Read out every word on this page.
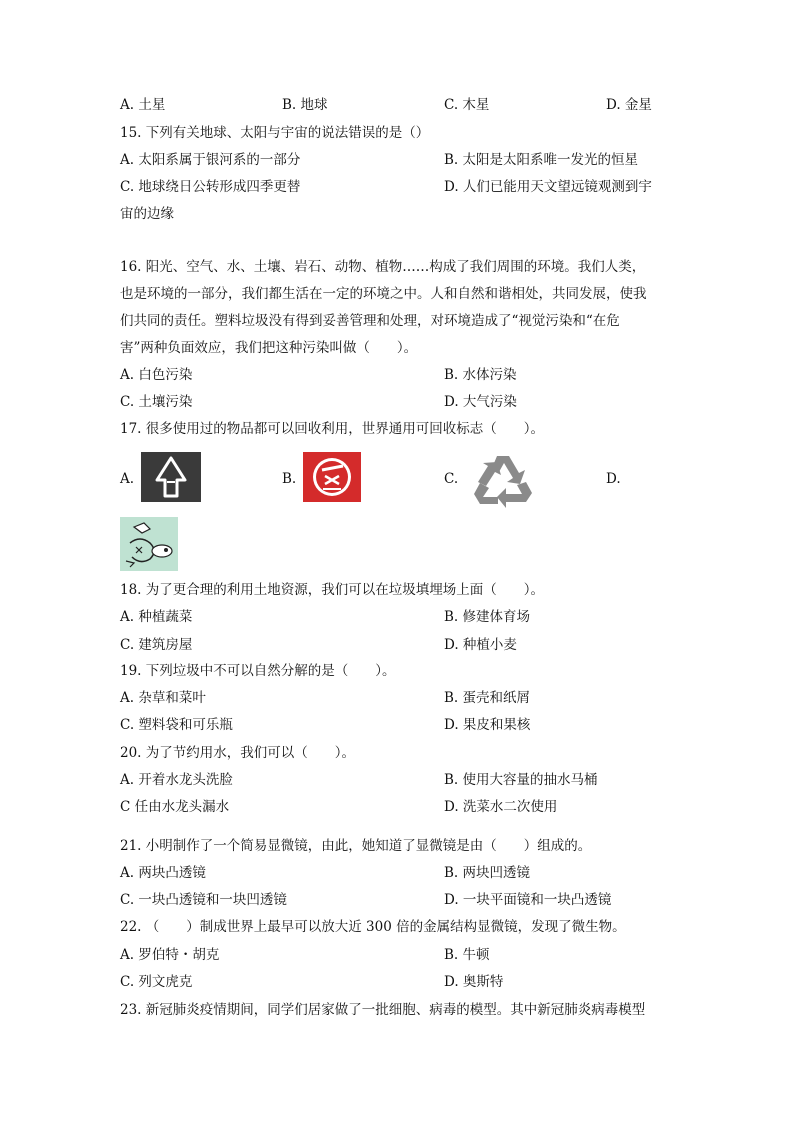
A. 土星	B. 地球	C. 木星	D. 金星
15. 下列有关地球、太阳与宇宙的说法错误的是（）
A. 太阳系属于银河系的一部分	B. 太阳是太阳系唯一发光的恒星
C. 地球绕日公转形成四季更替	D. 人们已能用天文望远镜观测到宇
宙的边缘
16. 阳光、空气、水、土壤、岩石、动物、植物……构成了我们周围的环境。我们人类，
也是环境的一部分，我们都生活在一定的环境之中。人和自然和谐相处，共同发展，使我
们共同的责任。塑料垃圾没有得到妥善管理和处理，对环境造成了“视觉污染和“在危
害”两种负面效应，我们把这种污染叫做（　　）。
A. 白色污染	B. 水体污染
C. 土壤污染	D. 大气污染
17. 很多使用过的物品都可以回收利用，世界通用可回收标志（　　）。
A.	B.	C.	D.
18. 为了更合理的利用土地资源，我们可以在垃圾填埋场上面（　　）。
A. 种植蔬菜	B. 修建体育场
C. 建筑房屋	D. 种植小麦
19. 下列垃圾中不可以自然分解的是（　　）。
A. 杂草和菜叶	B. 蛋壳和纸屑
C. 塑料袋和可乐瓶	D. 果皮和果核
20. 为了节约用水，我们可以（　　）。
A. 开着水龙头洗脸	B. 使用大容量的抽水马桶
C 任由水龙头漏水	D. 洗菜水二次使用
21. 小明制作了一个简易显微镜，由此，她知道了显微镜是由（　　）组成的。
A. 两块凸透镜	B. 两块凹透镜
C. 一块凸透镜和一块凹透镜	D. 一块平面镜和一块凸透镜
22. （　　）制成世界上最早可以放大近 300 倍的金属结构显微镜，发现了微生物。
A. 罗伯特・胡克	B. 牛顿
C. 列文虎克	D. 奥斯特
23. 新冠肺炎疫情期间，同学们居家做了一批细胞、病毒的模型。其中新冠肺炎病毒模型
